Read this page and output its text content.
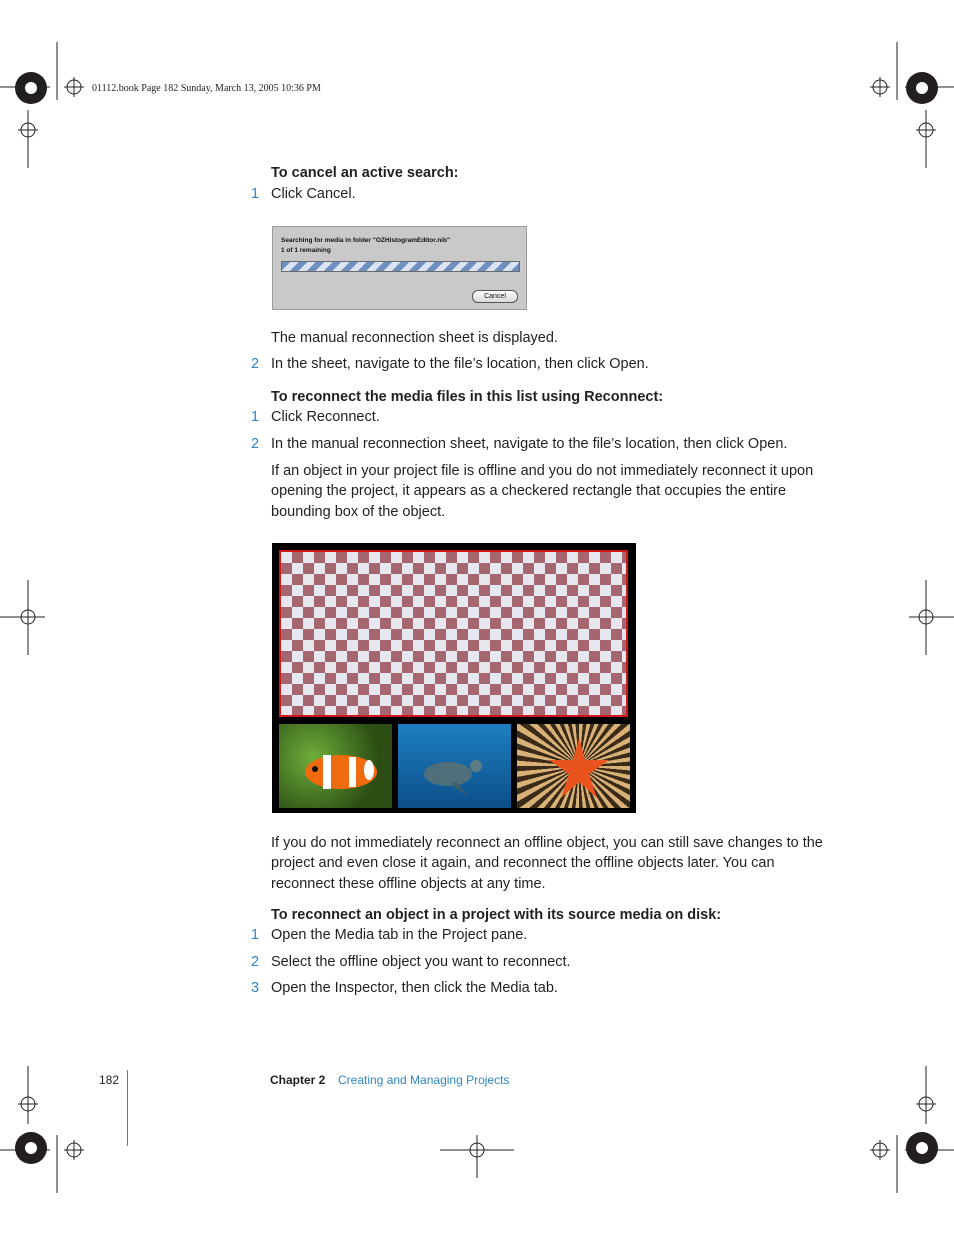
01112.book Page 182 Sunday, March 13, 2005 10:36 PM
To cancel an active search:
1 Click Cancel.
Searching for media in folder "OZHistogramEditor.nib"
1 of 1 remaining
Cancel
The manual reconnection sheet is displayed.
2 In the sheet, navigate to the file’s location, then click Open.
To reconnect the media files in this list using Reconnect:
1 Click Reconnect.
2 In the manual reconnection sheet, navigate to the file’s location, then click Open.
If an object in your project file is offline and you do not immediately reconnect it upon opening the project, it appears as a checkered rectangle that occupies the entire bounding box of the object.
If you do not immediately reconnect an offline object, you can still save changes to the project and even close it again, and reconnect the offline objects later. You can reconnect these offline objects at any time.
To reconnect an object in a project with its source media on disk:
1 Open the Media tab in the Project pane.
2 Select the offline object you want to reconnect.
3 Open the Inspector, then click the Media tab.
182	Chapter 2 Creating and Managing Projects
